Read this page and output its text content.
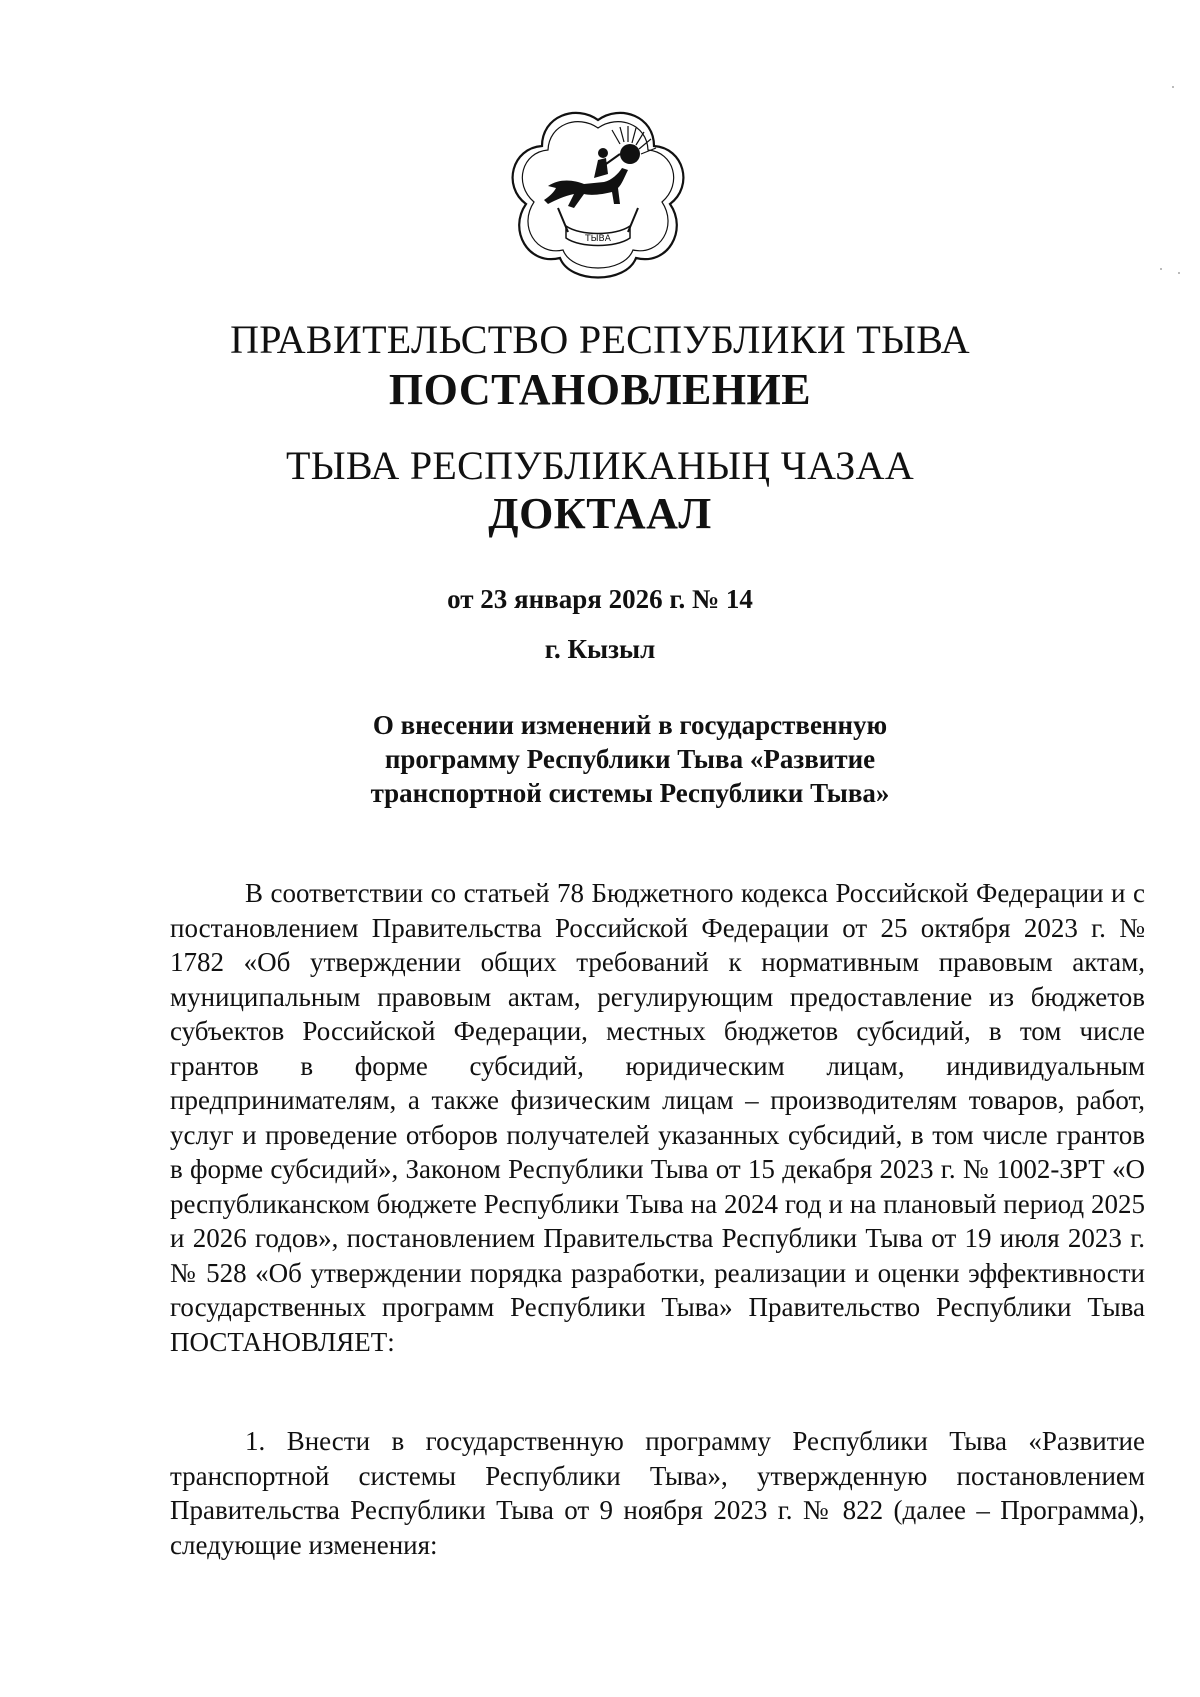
ТЫВА
ПРАВИТЕЛЬСТВО РЕСПУБЛИКИ ТЫВА
ПОСТАНОВЛЕНИЕ
ТЫВА РЕСПУБЛИКАНЫҢ ЧАЗАА
ДОКТААЛ
от 23 января 2026 г. № 14
г. Кызыл
О внесении изменений в государственную
программу Республики Тыва «Развитие
транспортной системы Республики Тыва»

В соответствии со статьей 78 Бюджетного кодекса Российской Федерации и с постановлением Правительства Российской Федерации от 25 октября 2023 г. № 1782 «Об утверждении общих требований к нормативным правовым актам, муниципальным правовым актам, регулирующим предоставление из бюджетов субъектов Российской Федерации, местных бюджетов субсидий, в том числе грантов в форме субсидий, юридическим лицам, индивидуальным предпринимателям, а также физическим лицам – производителям товаров, работ, услуг и проведение отборов получателей указанных субсидий, в том числе грантов в форме субсидий», Законом Республики Тыва от 15 декабря 2023 г. № 1002-ЗРТ «О республиканском бюджете Республики Тыва на 2024 год и на плановый период 2025 и 2026 годов», постановлением Правительства Республики Тыва от 19 июля 2023 г. № 528 «Об утверждении порядка разработки, реализации и оценки эффективности государственных программ Республики Тыва» Правительство Республики Тыва ПОСТАНОВЛЯЕТ:

1. Внести в государственную программу Республики Тыва «Развитие транспортной системы Республики Тыва», утвержденную постановлением Правительства Республики Тыва от 9 ноября 2023 г. № 822 (далее – Программа), следующие изменения:
